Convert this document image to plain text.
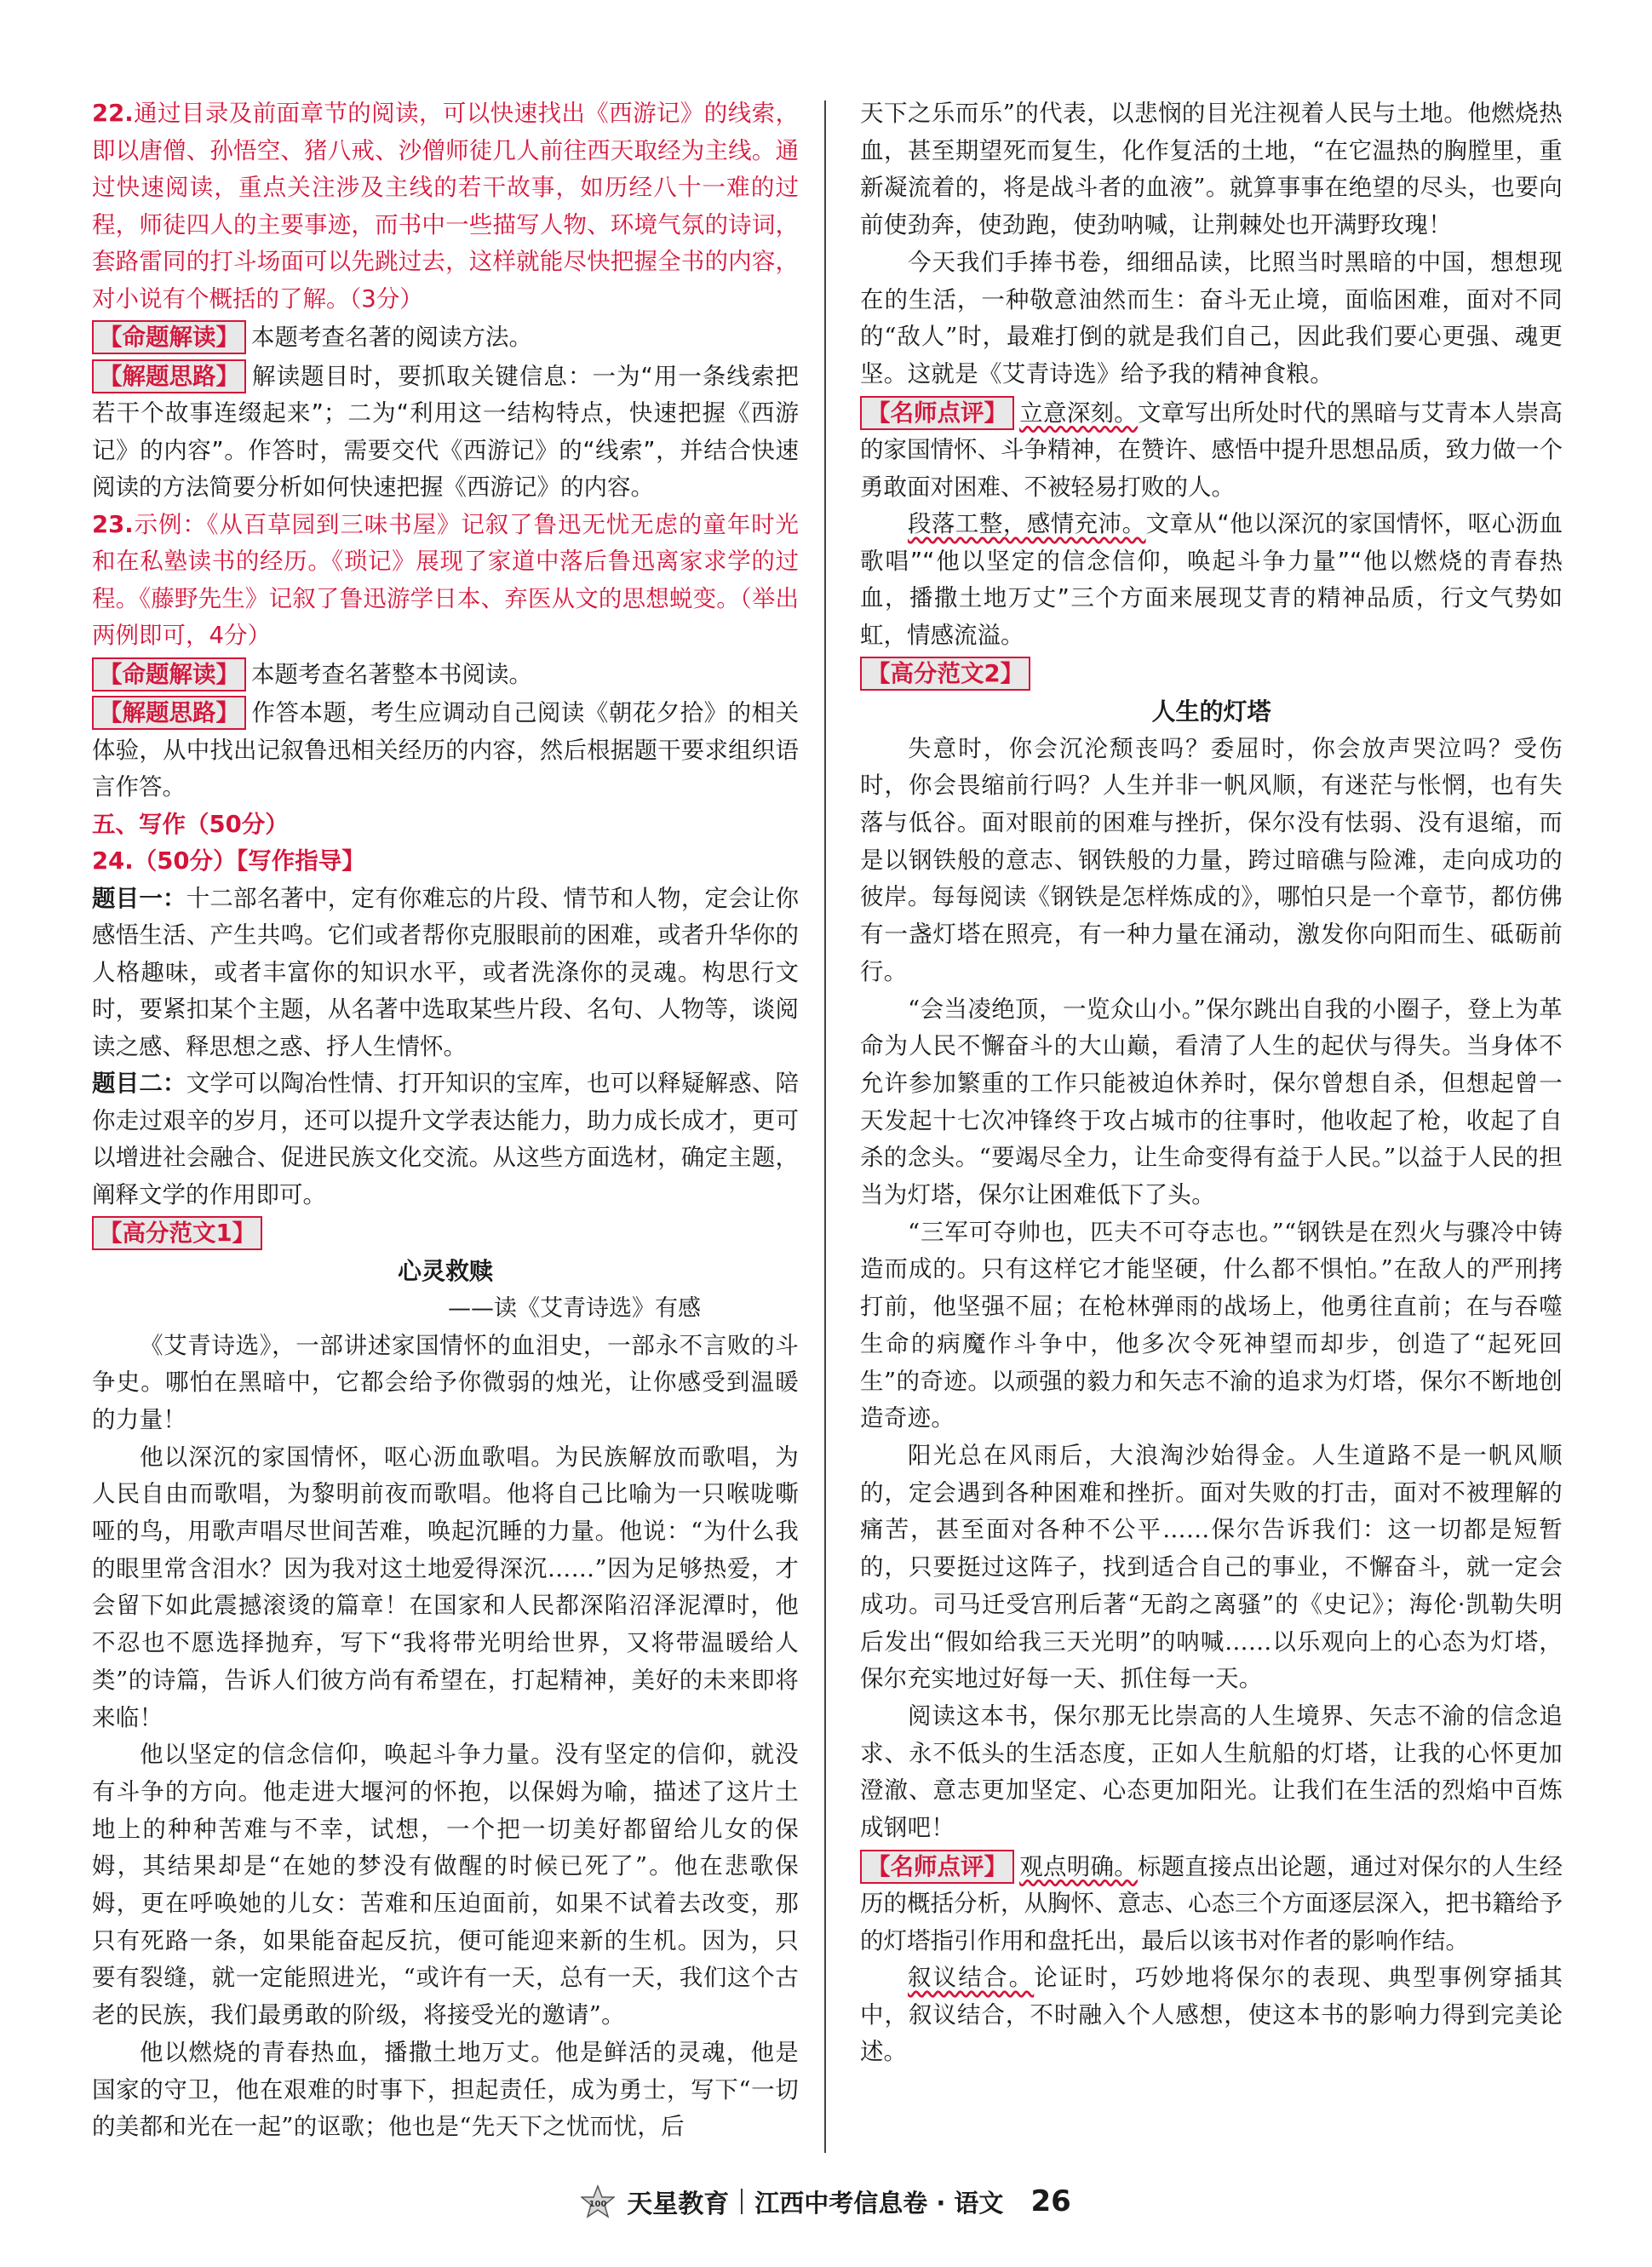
22.通过目录及前面章节的阅读，可以快速找出《西游记》的线索，即以唐僧、孙悟空、猪八戒、沙僧师徒几人前往西天取经为主线。通过快速阅读，重点关注涉及主线的若干故事，如历经八十一难的过程，师徒四人的主要事迹，而书中一些描写人物、环境气氛的诗词，套路雷同的打斗场面可以先跳过去，这样就能尽快把握全书的内容，对小说有个概括的了解。（3分）

【命题解读】 本题考查名著的阅读方法。

【解题思路】 解读题目时，要抓取关键信息：一为“用一条线索把若干个故事连缀起来”；二为“利用这一结构特点，快速把握《西游记》的内容”。作答时，需要交代《西游记》的“线索”，并结合快速阅读的方法简要分析如何快速把握《西游记》的内容。

23.示例：《从百草园到三味书屋》记叙了鲁迅无忧无虑的童年时光和在私塾读书的经历。《琐记》展现了家道中落后鲁迅离家求学的过程。《藤野先生》记叙了鲁迅游学日本、弃医从文的思想蜕变。（举出两例即可，4分）

【命题解读】 本题考查名著整本书阅读。

【解题思路】 作答本题，考生应调动自己阅读《朝花夕拾》的相关体验，从中找出记叙鲁迅相关经历的内容，然后根据题干要求组织语言作答。

五、写作（50分）

24.（50分）【写作指导】

题目一：十二部名著中，定有你难忘的片段、情节和人物，定会让你感悟生活、产生共鸣。它们或者帮你克服眼前的困难，或者升华你的人格趣味，或者丰富你的知识水平，或者洗涤你的灵魂。构思行文时，要紧扣某个主题，从名著中选取某些片段、名句、人物等，谈阅读之感、释思想之惑、抒人生情怀。

题目二：文学可以陶冶性情、打开知识的宝库，也可以释疑解惑、陪你走过艰辛的岁月，还可以提升文学表达能力，助力成长成才，更可以增进社会融合、促进民族文化交流。从这些方面选材，确定主题，阐释文学的作用即可。

【高分范文1】

心灵救赎

——读《艾青诗选》有感

《艾青诗选》，一部讲述家国情怀的血泪史，一部永不言败的斗争史。哪怕在黑暗中，它都会给予你微弱的烛光，让你感受到温暖的力量！

他以深沉的家国情怀，呕心沥血歌唱。为民族解放而歌唱，为人民自由而歌唱，为黎明前夜而歌唱。他将自己比喻为一只喉咙嘶哑的鸟，用歌声唱尽世间苦难，唤起沉睡的力量。他说：“为什么我的眼里常含泪水？因为我对这土地爱得深沉……”因为足够热爱，才会留下如此震撼滚烫的篇章！在国家和人民都深陷沼泽泥潭时，他不忍也不愿选择抛弃，写下“我将带光明给世界，又将带温暖给人类”的诗篇，告诉人们彼方尚有希望在，打起精神，美好的未来即将来临！

他以坚定的信念信仰，唤起斗争力量。没有坚定的信仰，就没有斗争的方向。他走进大堰河的怀抱，以保姆为喻，描述了这片土地上的种种苦难与不幸，试想，一个把一切美好都留给儿女的保姆，其结果却是“在她的梦没有做醒的时候已死了”。他在悲歌保姆，更在呼唤她的儿女：苦难和压迫面前，如果不试着去改变，那只有死路一条，如果能奋起反抗，便可能迎来新的生机。因为，只要有裂缝，就一定能照进光，“或许有一天，总有一天，我们这个古老的民族，我们最勇敢的阶级，将接受光的邀请”。

他以燃烧的青春热血，播撒土地万丈。他是鲜活的灵魂，他是国家的守卫，他在艰难的时事下，担起责任，成为勇士，写下“一切的美都和光在一起”的讴歌；他也是“先天下之忧而忧，后

天下之乐而乐”的代表，以悲悯的目光注视着人民与土地。他燃烧热血，甚至期望死而复生，化作复活的土地，“在它温热的胸膛里，重新凝流着的，将是战斗者的血液”。就算事事在绝望的尽头，也要向前使劲奔，使劲跑，使劲呐喊，让荆棘处也开满野玫瑰！

今天我们手捧书卷，细细品读，比照当时黑暗的中国，想想现在的生活，一种敬意油然而生：奋斗无止境，面临困难，面对不同的“敌人”时，最难打倒的就是我们自己，因此我们要心更强、魂更坚。这就是《艾青诗选》给予我的精神食粮。

【名师点评】 立意深刻。文章写出所处时代的黑暗与艾青本人崇高的家国情怀、斗争精神，在赞许、感悟中提升思想品质，致力做一个勇敢面对困难、不被轻易打败的人。

段落工整，感情充沛。文章从“他以深沉的家国情怀，呕心沥血歌唱”“他以坚定的信念信仰，唤起斗争力量”“他以燃烧的青春热血，播撒土地万丈”三个方面来展现艾青的精神品质，行文气势如虹，情感流溢。

【高分范文2】

人生的灯塔

失意时，你会沉沦颓丧吗？委屈时，你会放声哭泣吗？受伤时，你会畏缩前行吗？人生并非一帆风顺，有迷茫与怅惘，也有失落与低谷。面对眼前的困难与挫折，保尔没有怯弱、没有退缩，而是以钢铁般的意志、钢铁般的力量，跨过暗礁与险滩，走向成功的彼岸。每每阅读《钢铁是怎样炼成的》，哪怕只是一个章节，都仿佛有一盏灯塔在照亮，有一种力量在涌动，激发你向阳而生、砥砺前行。

“会当凌绝顶，一览众山小。”保尔跳出自我的小圈子，登上为革命为人民不懈奋斗的大山巅，看清了人生的起伏与得失。当身体不允许参加繁重的工作只能被迫休养时，保尔曾想自杀，但想起曾一天发起十七次冲锋终于攻占城市的往事时，他收起了枪，收起了自杀的念头。“要竭尽全力，让生命变得有益于人民。”以益于人民的担当为灯塔，保尔让困难低下了头。

“三军可夺帅也，匹夫不可夺志也。”“钢铁是在烈火与骤冷中铸造而成的。只有这样它才能坚硬，什么都不惧怕。”在敌人的严刑拷打前，他坚强不屈；在枪林弹雨的战场上，他勇往直前；在与吞噬生命的病魔作斗争中，他多次令死神望而却步，创造了“起死回生”的奇迹。以顽强的毅力和矢志不渝的追求为灯塔，保尔不断地创造奇迹。

阳光总在风雨后，大浪淘沙始得金。人生道路不是一帆风顺的，定会遇到各种困难和挫折。面对失败的打击，面对不被理解的痛苦，甚至面对各种不公平……保尔告诉我们：这一切都是短暂的，只要挺过这阵子，找到适合自己的事业，不懈奋斗，就一定会成功。司马迁受宫刑后著“无韵之离骚”的《史记》；海伦·凯勒失明后发出“假如给我三天光明”的呐喊……以乐观向上的心态为灯塔，保尔充实地过好每一天、抓住每一天。

阅读这本书，保尔那无比崇高的人生境界、矢志不渝的信念追求、永不低头的生活态度，正如人生航船的灯塔，让我的心怀更加澄澈、意志更加坚定、心态更加阳光。让我们在生活的烈焰中百炼成钢吧！

【名师点评】 观点明确。标题直接点出论题，通过对保尔的人生经历的概括分析，从胸怀、意志、心态三个方面逐层深入，把书籍给予的灯塔指引作用和盘托出，最后以该书对作者的影响作结。

叙议结合。论证时，巧妙地将保尔的表现、典型事例穿插其中，叙议结合，不时融入个人感想，使这本书的影响力得到完美论述。

100 天星教育 江西中考信息卷 · 语文 26
